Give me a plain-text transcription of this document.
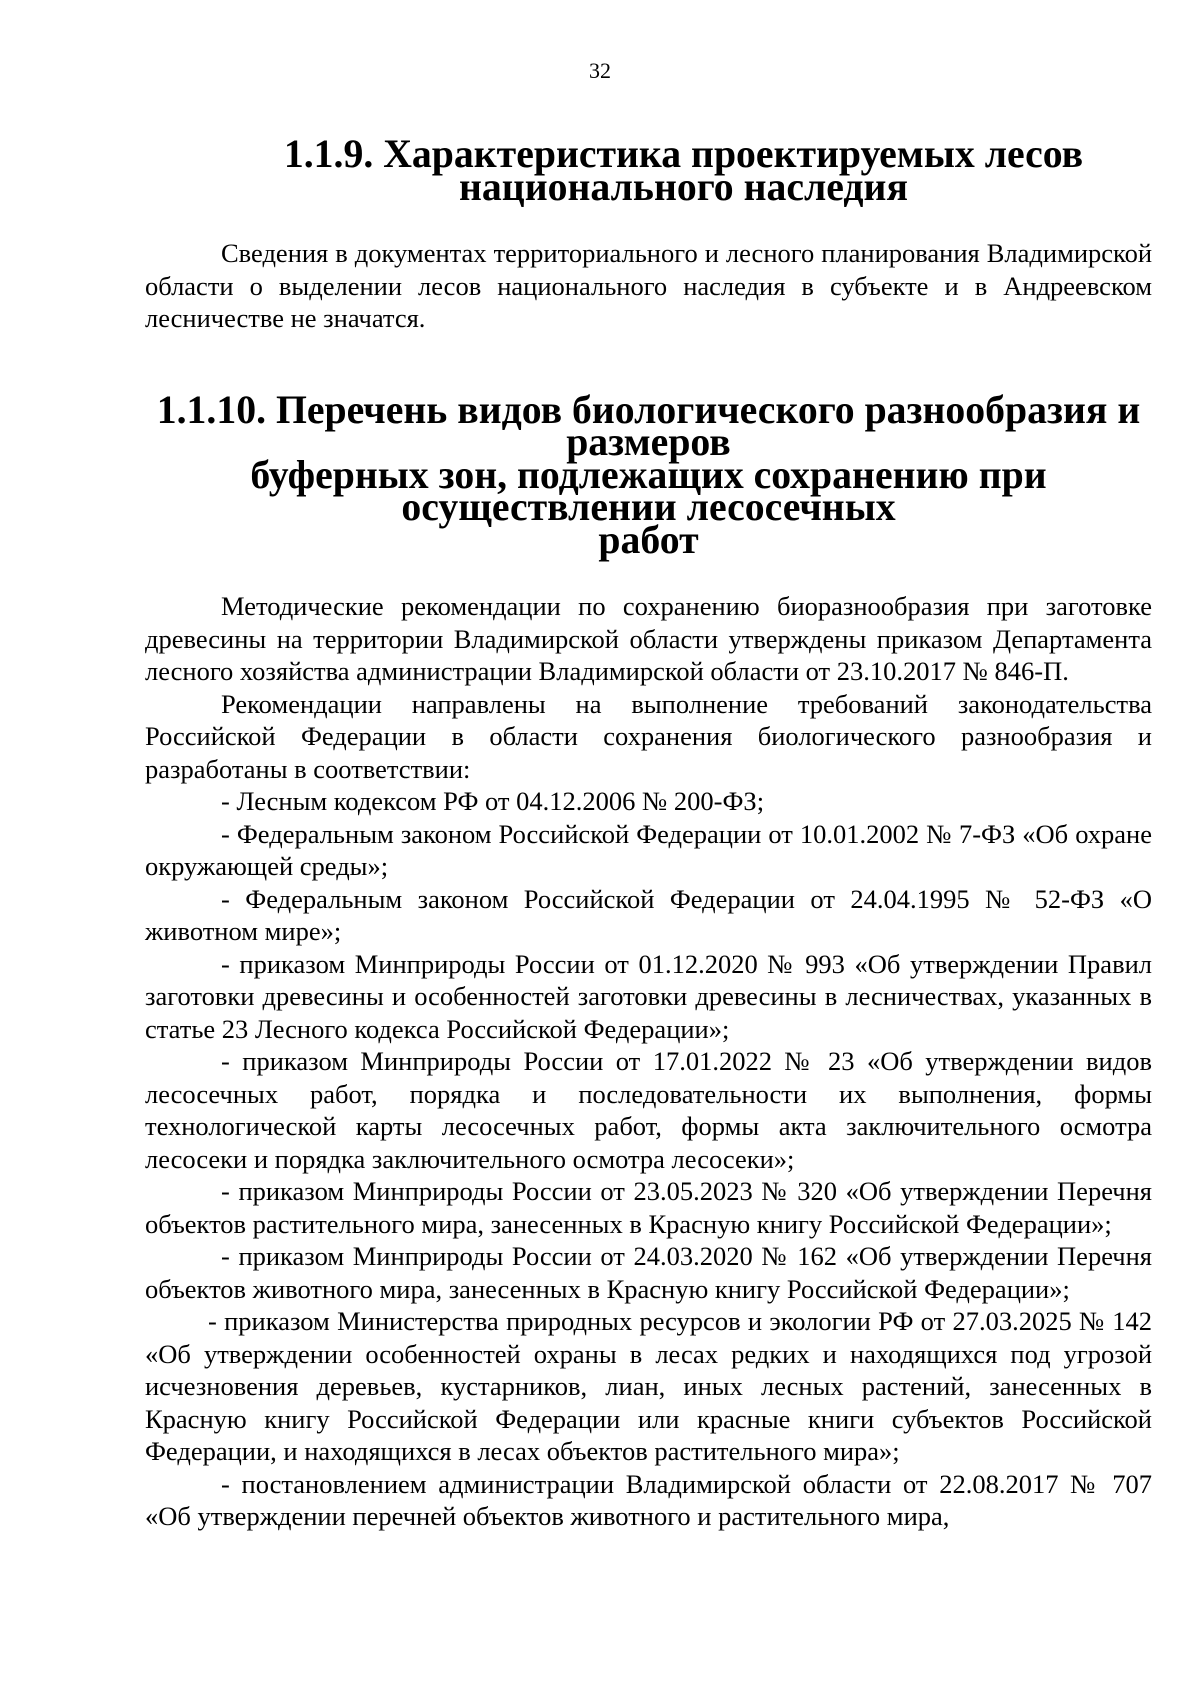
32
1.1.9. Характеристика проектируемых лесов национального наследия

Сведения в документах территориального и лесного планирования Владимирской области о выделении лесов национального наследия в субъекте и в Андреевском лесничестве не значатся.

1.1.10. Перечень видов биологического разнообразия и размеров
буферных зон, подлежащих сохранению при осуществлении лесосечных
работ

Методические рекомендации по сохранению биоразнообразия при заготовке древесины на территории Владимирской области утверждены приказом Департамента лесного хозяйства администрации Владимирской области от 23.10.2017 № 846-П.

Рекомендации направлены на выполнение требований законодательства Российской Федерации в области сохранения биологического разнообразия и разработаны в соответствии:

- Лесным кодексом РФ от 04.12.2006 № 200-ФЗ;

- Федеральным законом Российской Федерации от 10.01.2002 № 7-ФЗ «Об охране окружающей среды»;

- Федеральным законом Российской Федерации от 24.04.1995 № 52-ФЗ «О животном мире»;

- приказом Минприроды России от 01.12.2020 № 993 «Об утверждении Правил заготовки древесины и особенностей заготовки древесины в лесничествах, указанных в статье 23 Лесного кодекса Российской Федерации»;

- приказом Минприроды России от 17.01.2022 № 23 «Об утверждении видов лесосечных работ, порядка и последовательности их выполнения, формы технологической карты лесосечных работ, формы акта заключительного осмотра лесосеки и порядка заключительного осмотра лесосеки»;

- приказом Минприроды России от 23.05.2023 № 320 «Об утверждении Перечня объектов растительного мира, занесенных в Красную книгу Российской Федерации»;

- приказом Минприроды России от 24.03.2020 № 162 «Об утверждении Перечня объектов животного мира, занесенных в Красную книгу Российской Федерации»;

- приказом Министерства природных ресурсов и экологии РФ от 27.03.2025 № 142 «Об утверждении особенностей охраны в лесах редких и находящихся под угрозой исчезновения деревьев, кустарников, лиан, иных лесных растений, занесенных в Красную книгу Российской Федерации или красные книги субъектов Российской Федерации, и находящихся в лесах объектов растительного мира»;

- постановлением администрации Владимирской области от 22.08.2017 № 707 «Об утверждении перечней объектов животного и растительного мира,
